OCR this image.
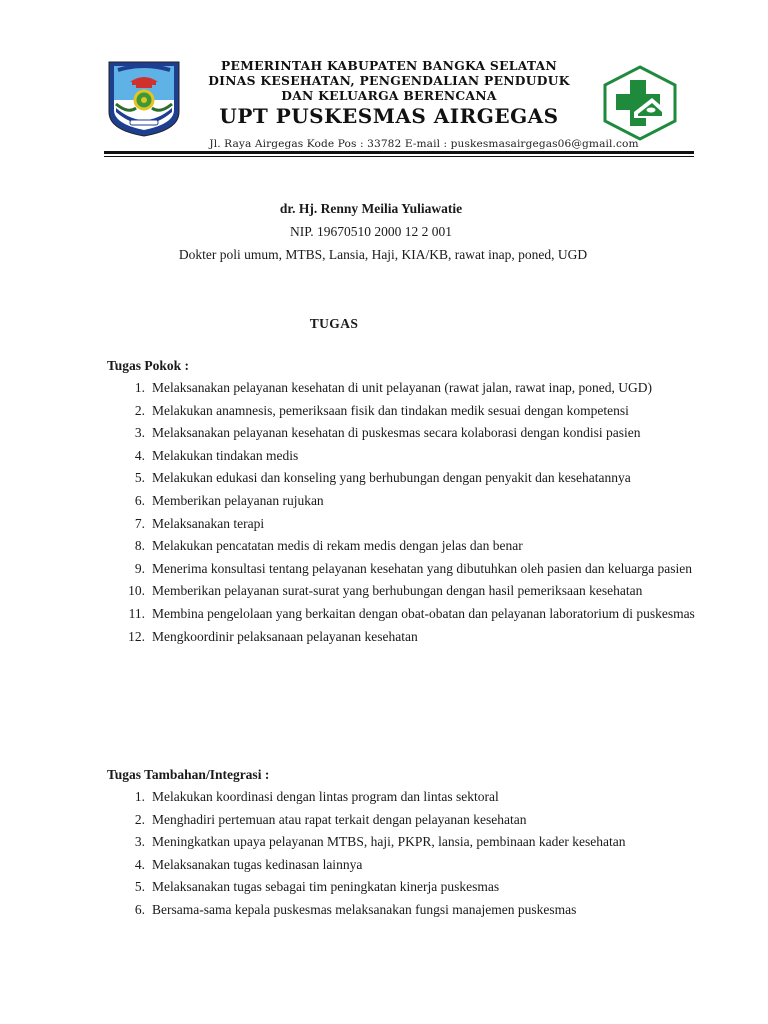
PEMERINTAH KABUPATEN BANGKA SELATAN
DINAS KESEHATAN, PENGENDALIAN PENDUDUK
DAN KELUARGA BERENCANA
UPT PUSKESMAS AIRGEGAS
Jl. Raya Airgegas Kode Pos : 33782 E-mail : puskesmasairgegas06@gmail.com
dr. Hj. Renny Meilia Yuliawatie
NIP. 19670510 2000 12 2 001
Dokter poli umum, MTBS, Lansia, Haji, KIA/KB, rawat inap, poned, UGD
TUGAS
Tugas Pokok :
1. Melaksanakan pelayanan kesehatan di unit pelayanan (rawat jalan, rawat inap, poned, UGD)
2. Melakukan anamnesis, pemeriksaan fisik dan tindakan medik sesuai dengan kompetensi
3. Melaksanakan pelayanan kesehatan di puskesmas secara kolaborasi dengan kondisi pasien
4. Melakukan tindakan medis
5. Melakukan edukasi dan konseling yang berhubungan dengan penyakit dan kesehatannya
6. Memberikan pelayanan rujukan
7. Melaksanakan terapi
8. Melakukan pencatatan medis di rekam medis dengan jelas dan benar
9. Menerima konsultasi tentang pelayanan kesehatan yang dibutuhkan oleh pasien dan keluarga pasien
10. Memberikan pelayanan surat-surat yang berhubungan dengan hasil pemeriksaan kesehatan
11. Membina pengelolaan yang berkaitan dengan obat-obatan dan pelayanan laboratorium di puskesmas
12. Mengkoordinir pelaksanaan pelayanan kesehatan
Tugas Tambahan/Integrasi :
1. Melakukan koordinasi dengan lintas program dan lintas sektoral
2. Menghadiri pertemuan atau rapat terkait dengan pelayanan kesehatan
3. Meningkatkan upaya pelayanan MTBS, haji, PKPR, lansia, pembinaan kader kesehatan
4. Melaksanakan tugas kedinasan lainnya
5. Melaksanakan tugas sebagai tim peningkatan kinerja puskesmas
6. Bersama-sama kepala puskesmas melaksanakan fungsi manajemen puskesmas
